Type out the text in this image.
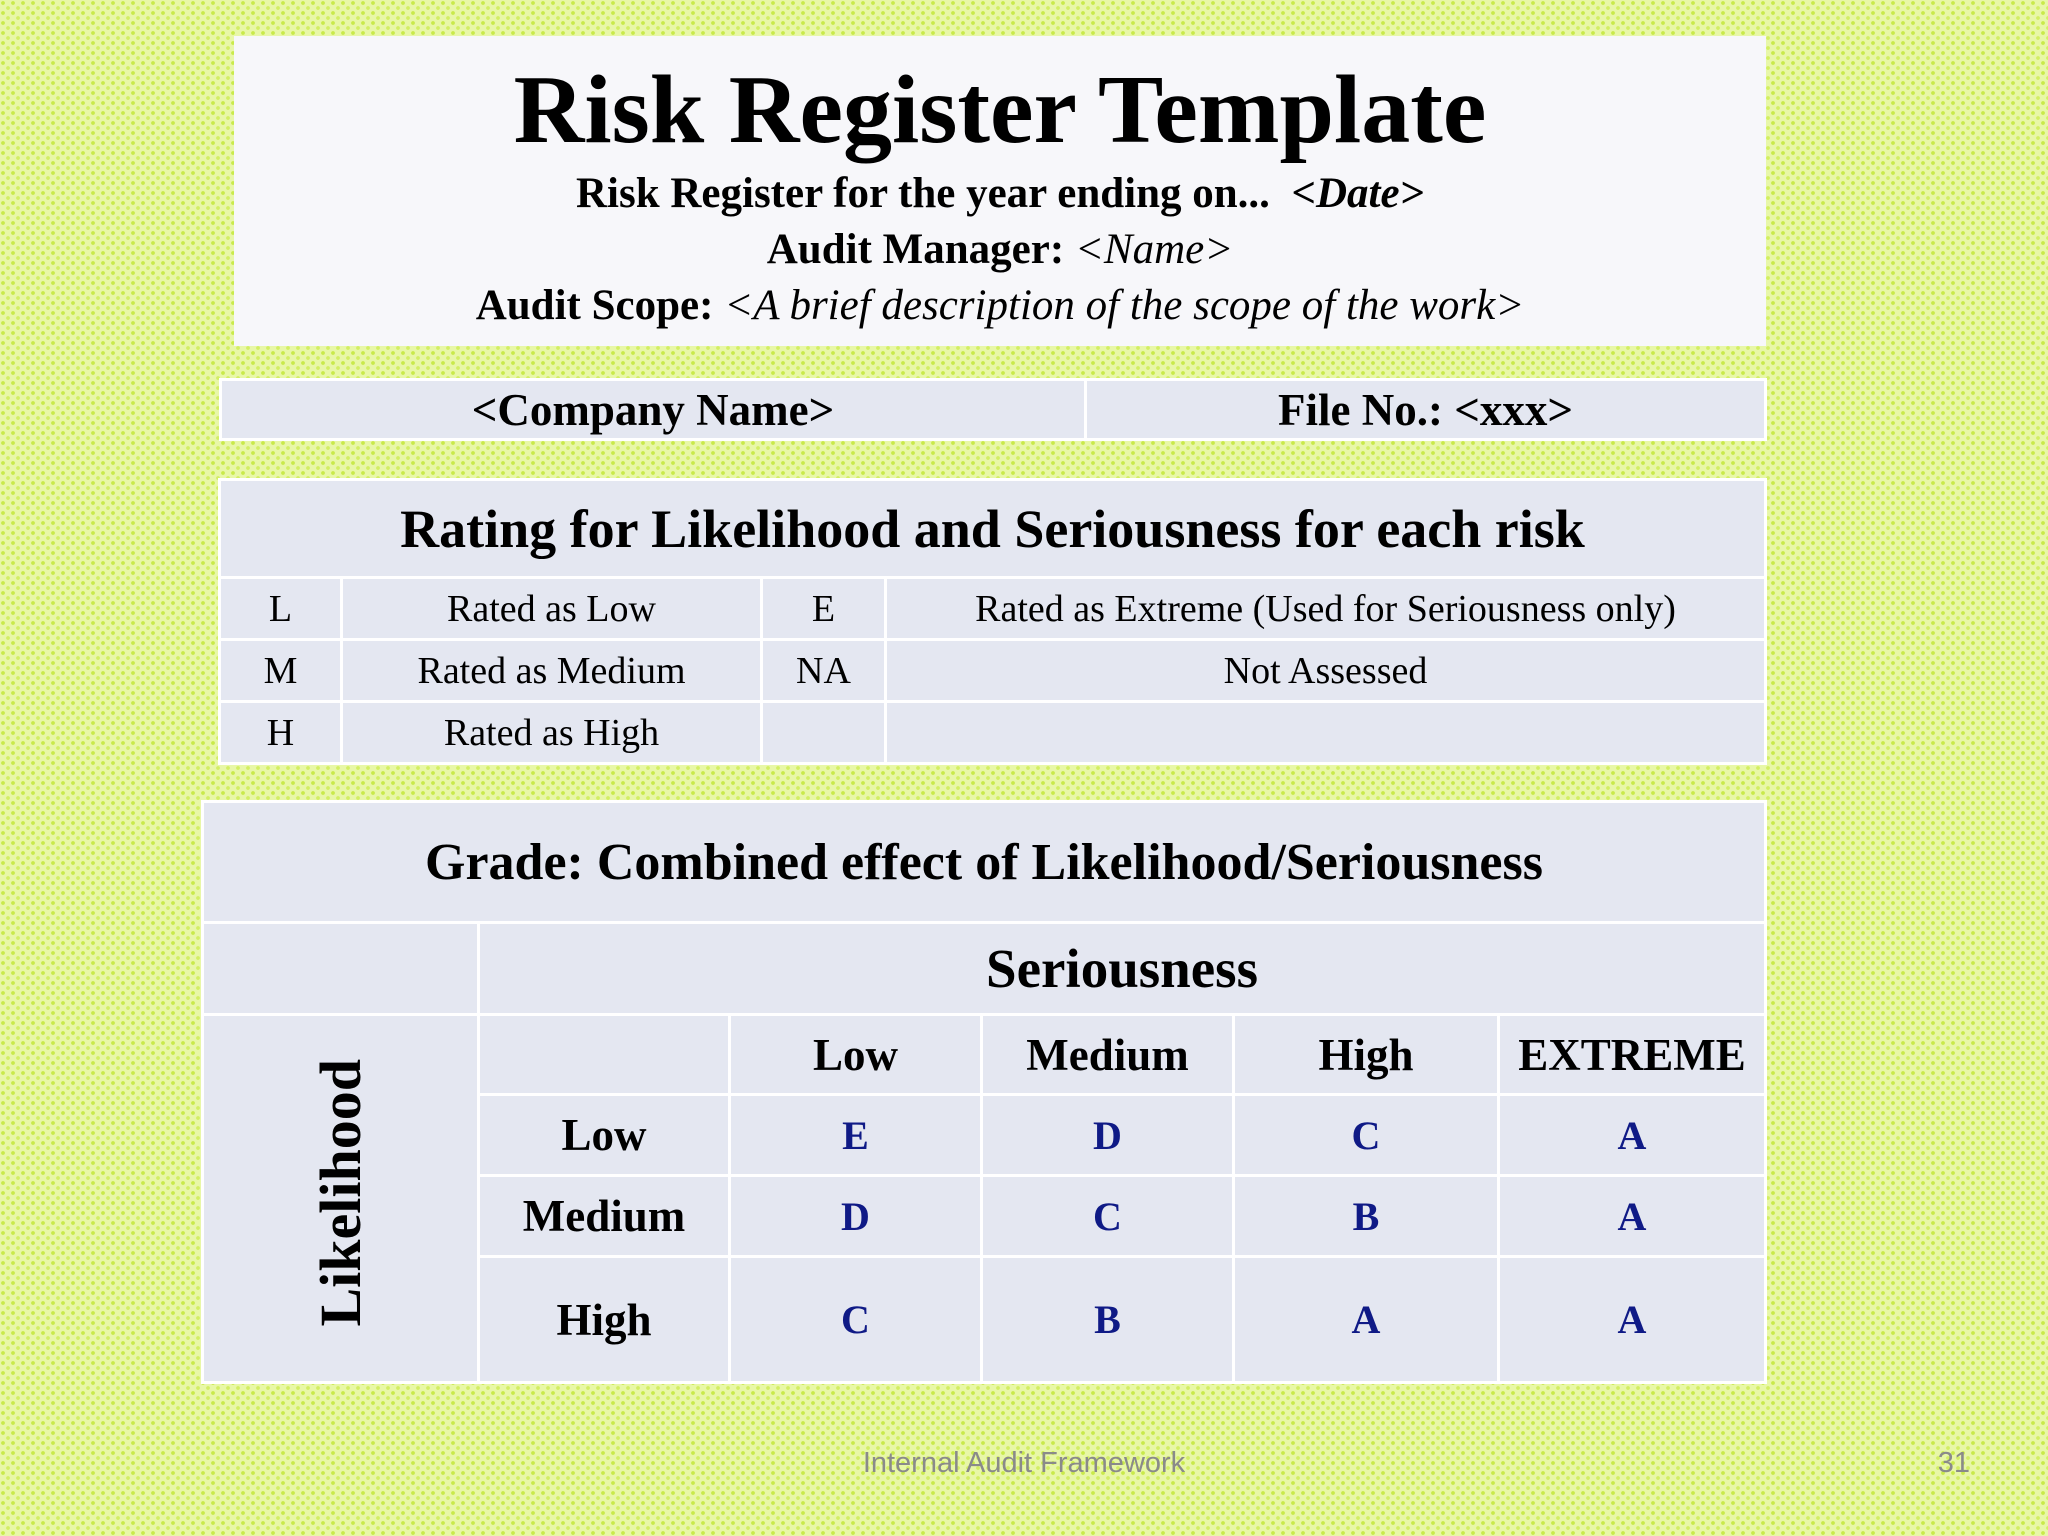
Risk Register Template
Risk Register for the year ending on... <Date>
Audit Manager: <Name>
Audit Scope: <A brief description of the scope of the work>
<Company Name>	File No.: <xxx>
Rating for Likelihood and Seriousness for each risk			
L	Rated as Low	E	Rated as Extreme (Used for Seriousness only)
M	Rated as Medium	NA	Not Assessed
H	Rated as High		
Grade: Combined effect of Likelihood/Seriousness					
	Seriousness				
Likelihood		Low	Medium	High	EXTREME
	Low	E	D	C	A
	Medium	D	C	B	A
	High	C	B	A	A
Internal Audit Framework	31
